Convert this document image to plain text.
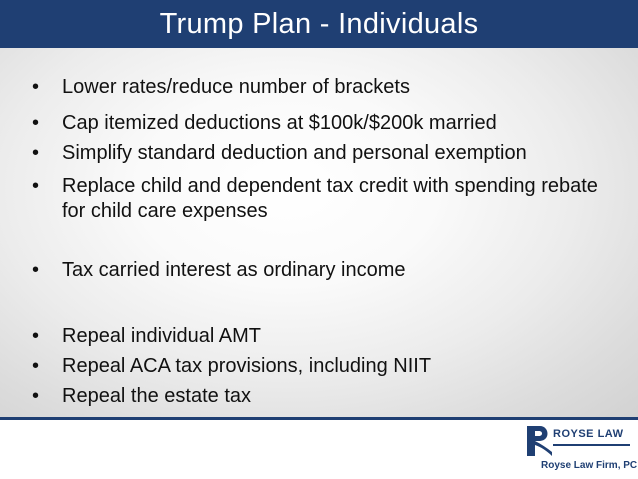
Trump Plan - Individuals
•	Lower rates/reduce number of brackets
•	Cap itemized deductions at $100k/$200k married
•	Simplify standard deduction and personal exemption
•	Replace child and dependent tax credit with spending rebate for child care expenses
•	Tax carried interest as ordinary income
•	Repeal individual AMT
•	Repeal ACA tax provisions, including NIIT
•	Repeal the estate tax
ROYSE LAW
Royse Law Firm, PC
